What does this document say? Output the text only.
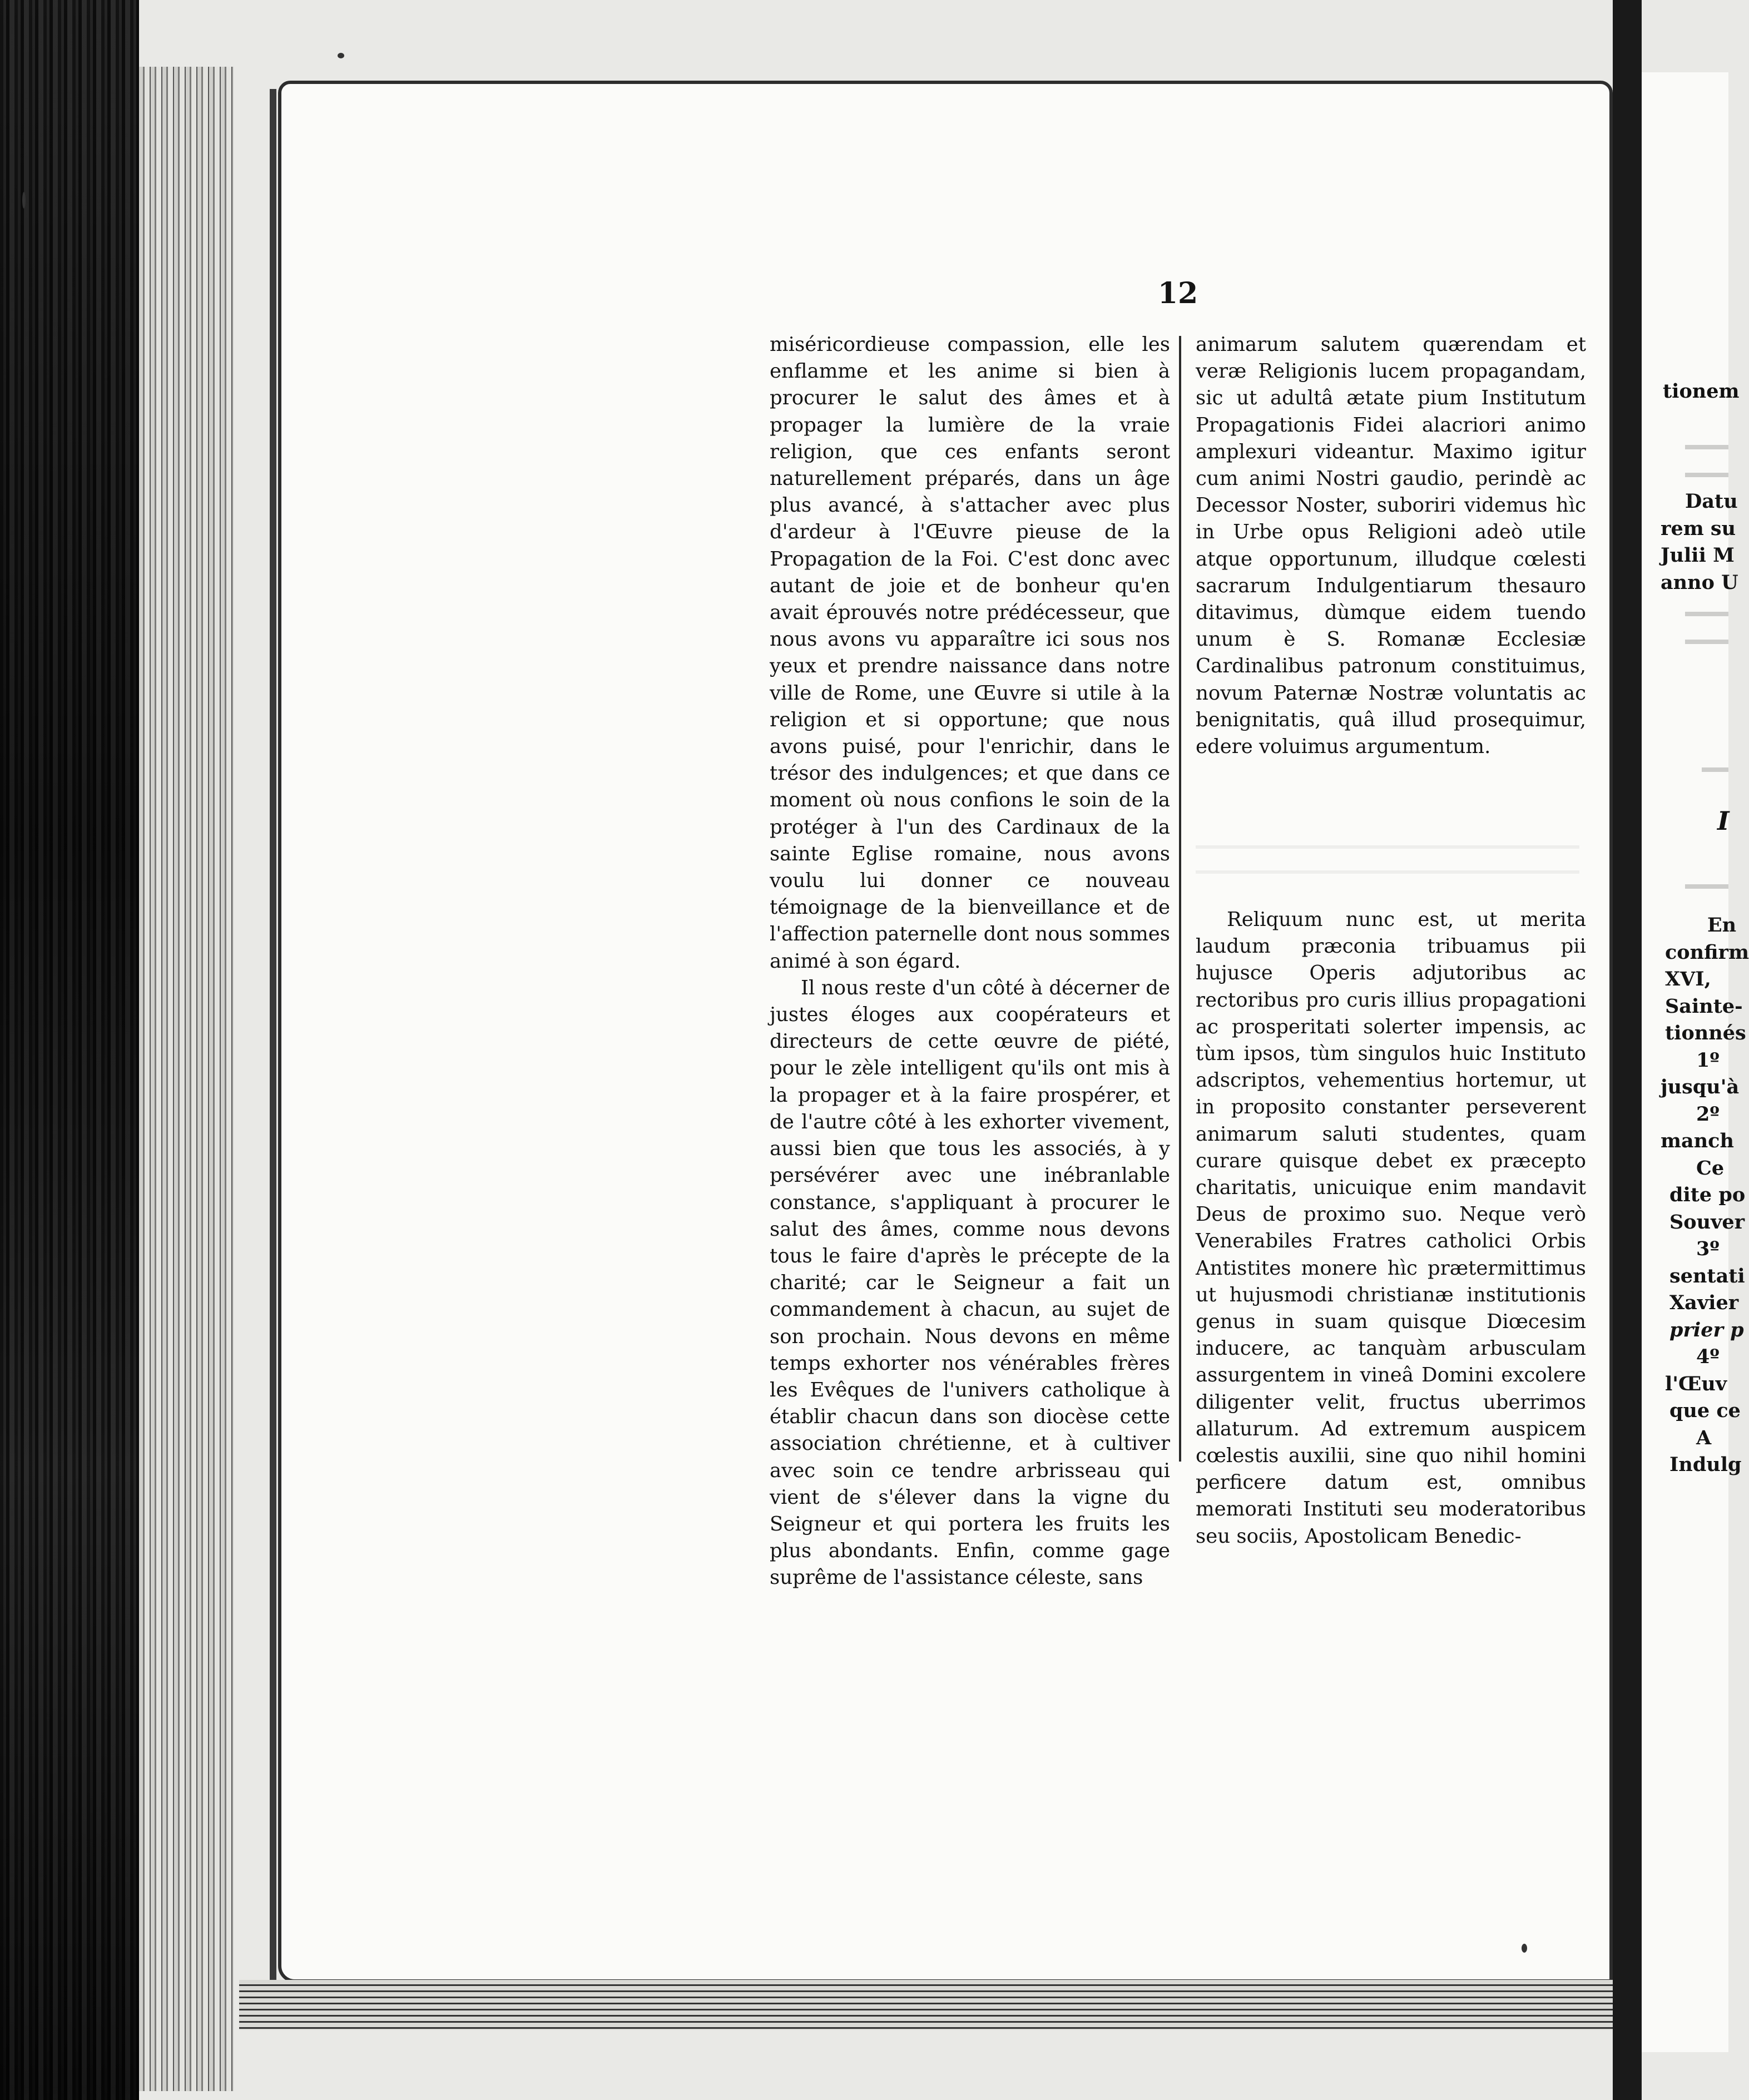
12

miséricordieuse compassion, elle les enflamme et les anime si bien à procurer le salut des âmes et à propager la lumière de la vraie religion, que ces enfants seront naturellement préparés, dans un âge plus avancé, à s'attacher avec plus d'ardeur à l'Œuvre pieuse de la Propagation de la Foi. C'est donc avec autant de joie et de bonheur qu'en avait éprouvés notre prédécesseur, que nous avons vu apparaître ici sous nos yeux et prendre naissance dans notre ville de Rome, une Œuvre si utile à la religion et si opportune; que nous avons puisé, pour l'enrichir, dans le trésor des indulgences; et que dans ce moment où nous confions le soin de la protéger à l'un des Cardinaux de la sainte Eglise romaine, nous avons voulu lui donner ce nouveau témoignage de la bienveillance et de l'affection paternelle dont nous sommes animé à son égard.

Il nous reste d'un côté à décerner de justes éloges aux coopérateurs et directeurs de cette œuvre de piété, pour le zèle intelligent qu'ils ont mis à la propager et à la faire prospérer, et de l'autre côté à les exhorter vivement, aussi bien que tous les associés, à y persévérer avec une inébranlable constance, s'appliquant à procurer le salut des âmes, comme nous devons tous le faire d'après le précepte de la charité; car le Seigneur a fait un commandement à chacun, au sujet de son prochain. Nous devons en même temps exhorter nos vénérables frères les Evêques de l'univers catholique à établir chacun dans son diocèse cette association chrétienne, et à cultiver avec soin ce tendre arbrisseau qui vient de s'élever dans la vigne du Seigneur et qui portera les fruits les plus abondants. Enfin, comme gage suprême de l'assistance céleste, sans

animarum salutem quærendam et veræ Religionis lucem propagandam, sic ut adultâ ætate pium Institutum Propagationis Fidei alacriori animo amplexuri videantur. Maximo igitur cum animi Nostri gaudio, perindè ac Decessor Noster, suboriri videmus hìc in Urbe opus Religioni adeò utile atque opportunum, illudque cœlesti sacrarum Indulgentiarum thesauro ditavimus, dùmque eidem tuendo unum è S. Romanæ Ecclesiæ Cardinalibus patronum constituimus, novum Paternæ Nostræ voluntatis ac benignitatis, quâ illud prosequimur, edere voluimus argumentum.

Reliquum nunc est, ut merita laudum præconia tribuamus pii hujusce Operis adjutoribus ac rectoribus pro curis illius propagationi ac prosperitati solerter impensis, ac tùm ipsos, tùm singulos huic Instituto adscriptos, vehementius hortemur, ut in proposito constanter perseverent animarum saluti studentes, quam curare quisque debet ex præcepto charitatis, unicuique enim mandavit Deus de proximo suo. Neque verò Venerabiles Fratres catholici Orbis Antistites monere hìc prætermittimus ut hujusmodi christianæ institutionis genus in suam quisque Diœcesim inducere, ac tanquàm arbusculam assurgentem in vineâ Domini excolere diligenter velit, fructus uberrimos allaturum. Ad extremum auspicem cœlestis auxilii, sine quo nihil homini perficere datum est, omnibus memorati Instituti seu moderatoribus seu sociis, Apostolicam Benedic-

tionem
Datu
rem su
Julii M
anno U
I
En
confirm
XVI,
Sainte-
tionnés
1º
jusqu'à
2º
manch
Ce
dite po
Souver
3º
sentati
Xavier
prier p
4º
l'Œuv
que ce
A
Indulg
